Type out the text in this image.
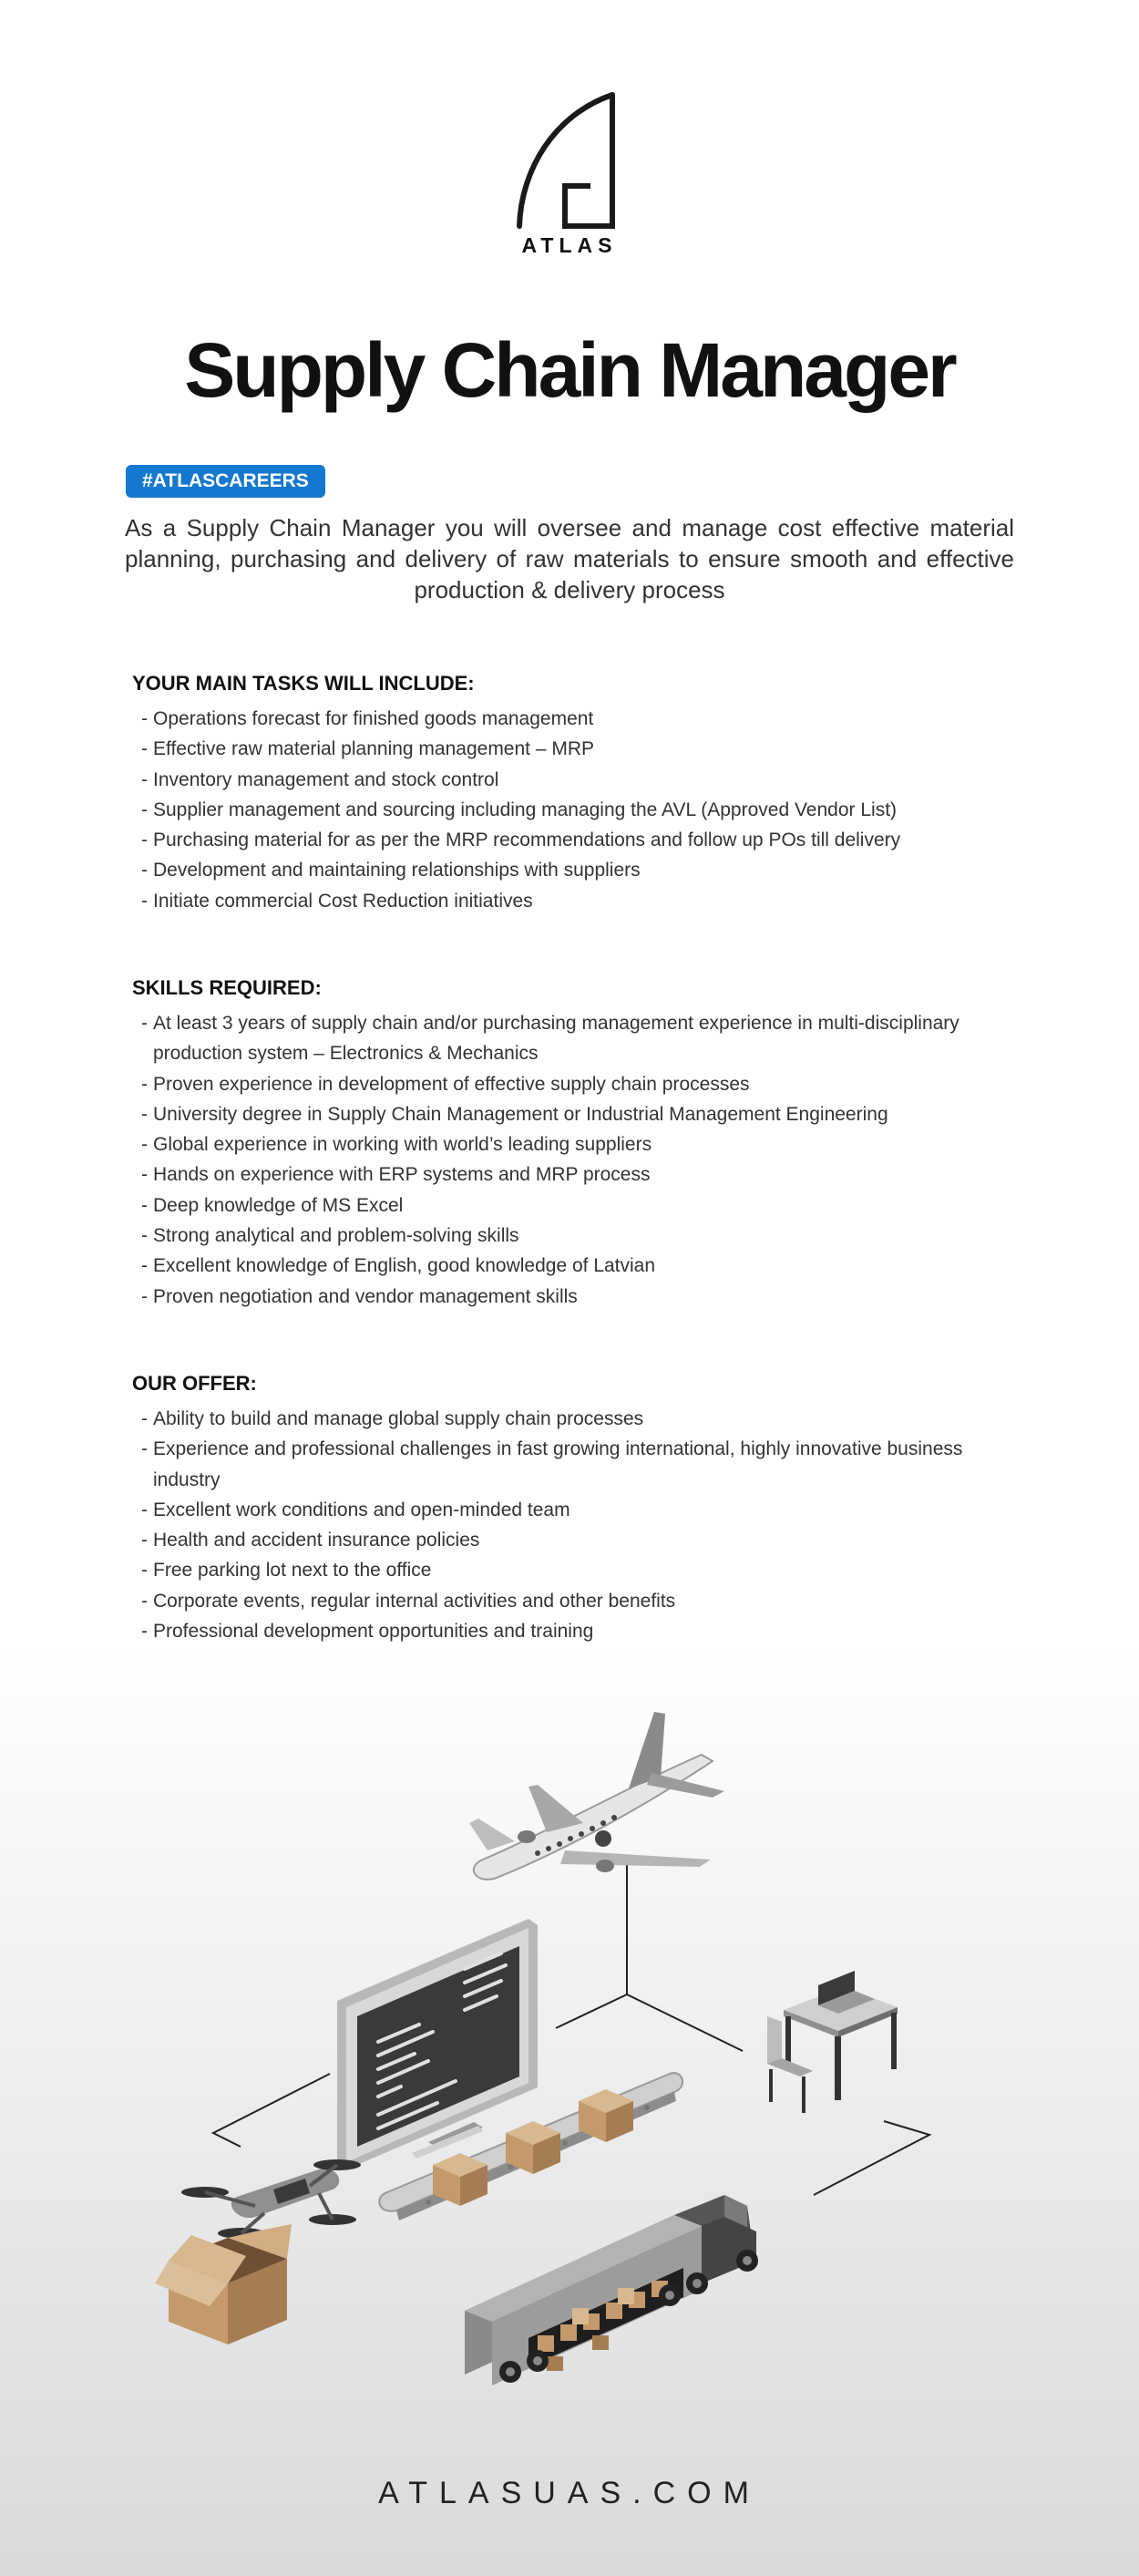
ATLAS
Supply Chain Manager
#ATLASCAREERS

As a Supply Chain Manager you will oversee and manage cost effective material planning, purchasing and delivery of raw materials to ensure smooth and effective production & delivery process

YOUR MAIN TASKS WILL INCLUDE:
- Operations forecast for finished goods management
- Effective raw material planning management – MRP
- Inventory management and stock control
- Supplier management and sourcing including managing the AVL (Approved Vendor List)
- Purchasing material for as per the MRP recommendations and follow up POs till delivery
- Development and maintaining relationships with suppliers
- Initiate commercial Cost Reduction initiatives
SKILLS REQUIRED:
- At least 3 years of supply chain and/or purchasing management experience in multi-disciplinary production system – Electronics & Mechanics
- Proven experience in development of effective supply chain processes
- University degree in Supply Chain Management or Industrial Management Engineering
- Global experience in working with world’s leading suppliers
- Hands on experience with ERP systems and MRP process
- Deep knowledge of MS Excel
- Strong analytical and problem-solving skills
- Excellent knowledge of English, good knowledge of Latvian
- Proven negotiation and vendor management skills
OUR OFFER:
- Ability to build and manage global supply chain processes
- Experience and professional challenges in fast growing international, highly innovative business industry
- Excellent work conditions and open-minded team
- Health and accident insurance policies
- Free parking lot next to the office
- Corporate events, regular internal activities and other benefits
- Professional development opportunities and training
ATLASUAS.COM
